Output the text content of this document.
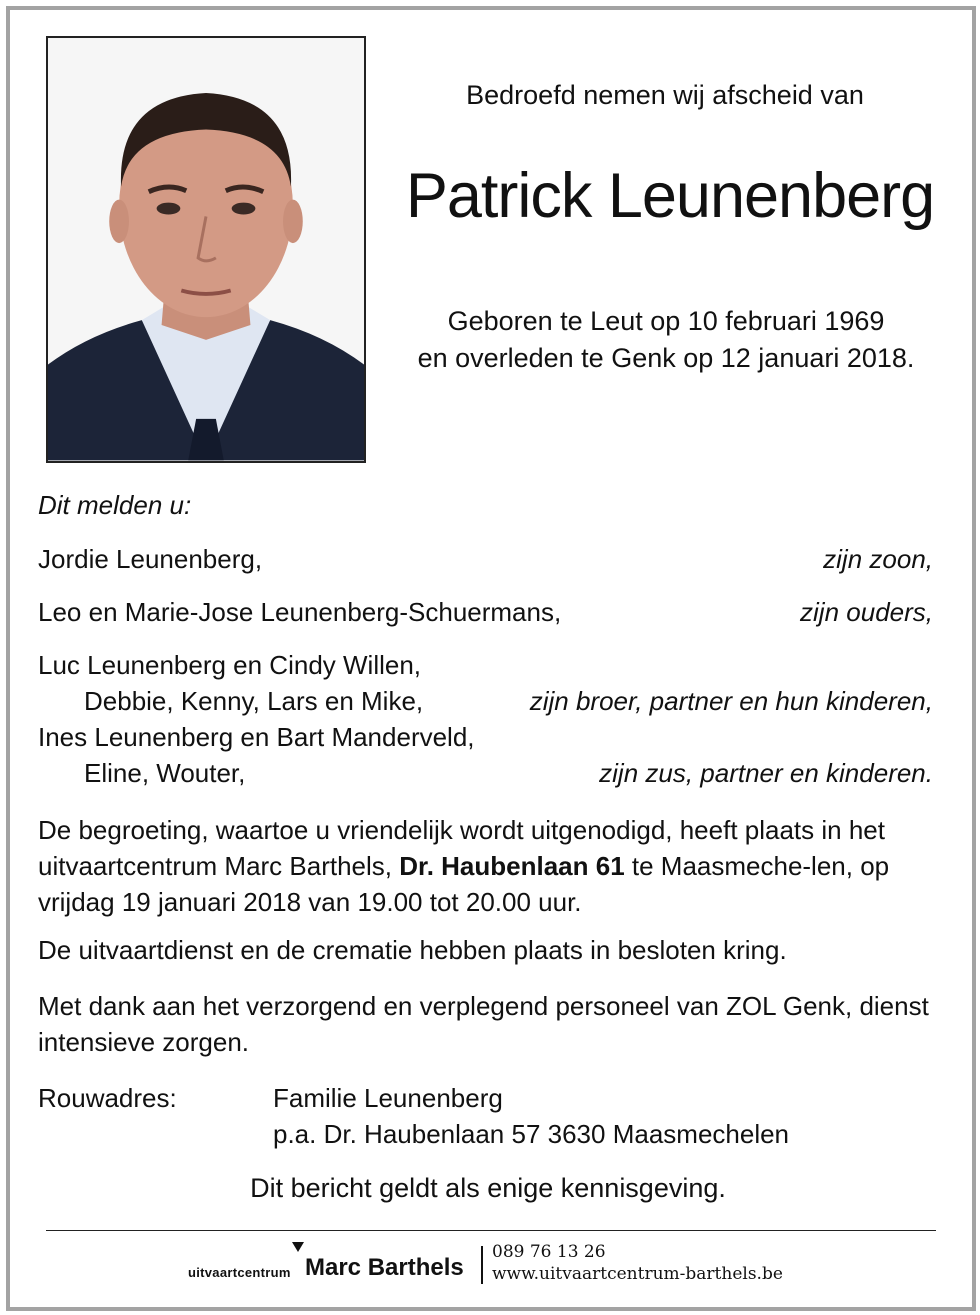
Bedroefd nemen wij afscheid van
Patrick Leunenberg
Geboren te Leut op 10 februari 1969
en overleden te Genk op 12 januari 2018.
Dit melden u:
Jordie Leunenberg,	zijn zoon,
Leo en Marie-Jose Leunenberg-Schuermans,	zijn ouders,
Luc Leunenberg en Cindy Willen,
Debbie, Kenny, Lars en Mike,	zijn broer, partner en hun kinderen,
Ines Leunenberg en Bart Manderveld,
Eline, Wouter,	zijn zus, partner en kinderen.
De begroeting, waartoe u vriendelijk wordt uitgenodigd, heeft plaats in het uitvaartcentrum Marc Barthels, Dr. Haubenlaan 61 te Maasmeche-len, op vrijdag 19 januari 2018 van 19.00 tot 20.00 uur.
De uitvaartdienst en de crematie hebben plaats in besloten kring.
Met dank aan het verzorgend en verplegend personeel van ZOL Genk, dienst intensieve zorgen.
Rouwadres:	Familie Leunenberg
p.a. Dr. Haubenlaan 57 3630 Maasmechelen
Dit bericht geldt als enige kennisgeving.
uitvaartcentrum Marc Barthels
089 76 13 26
www.uitvaartcentrum-barthels.be
